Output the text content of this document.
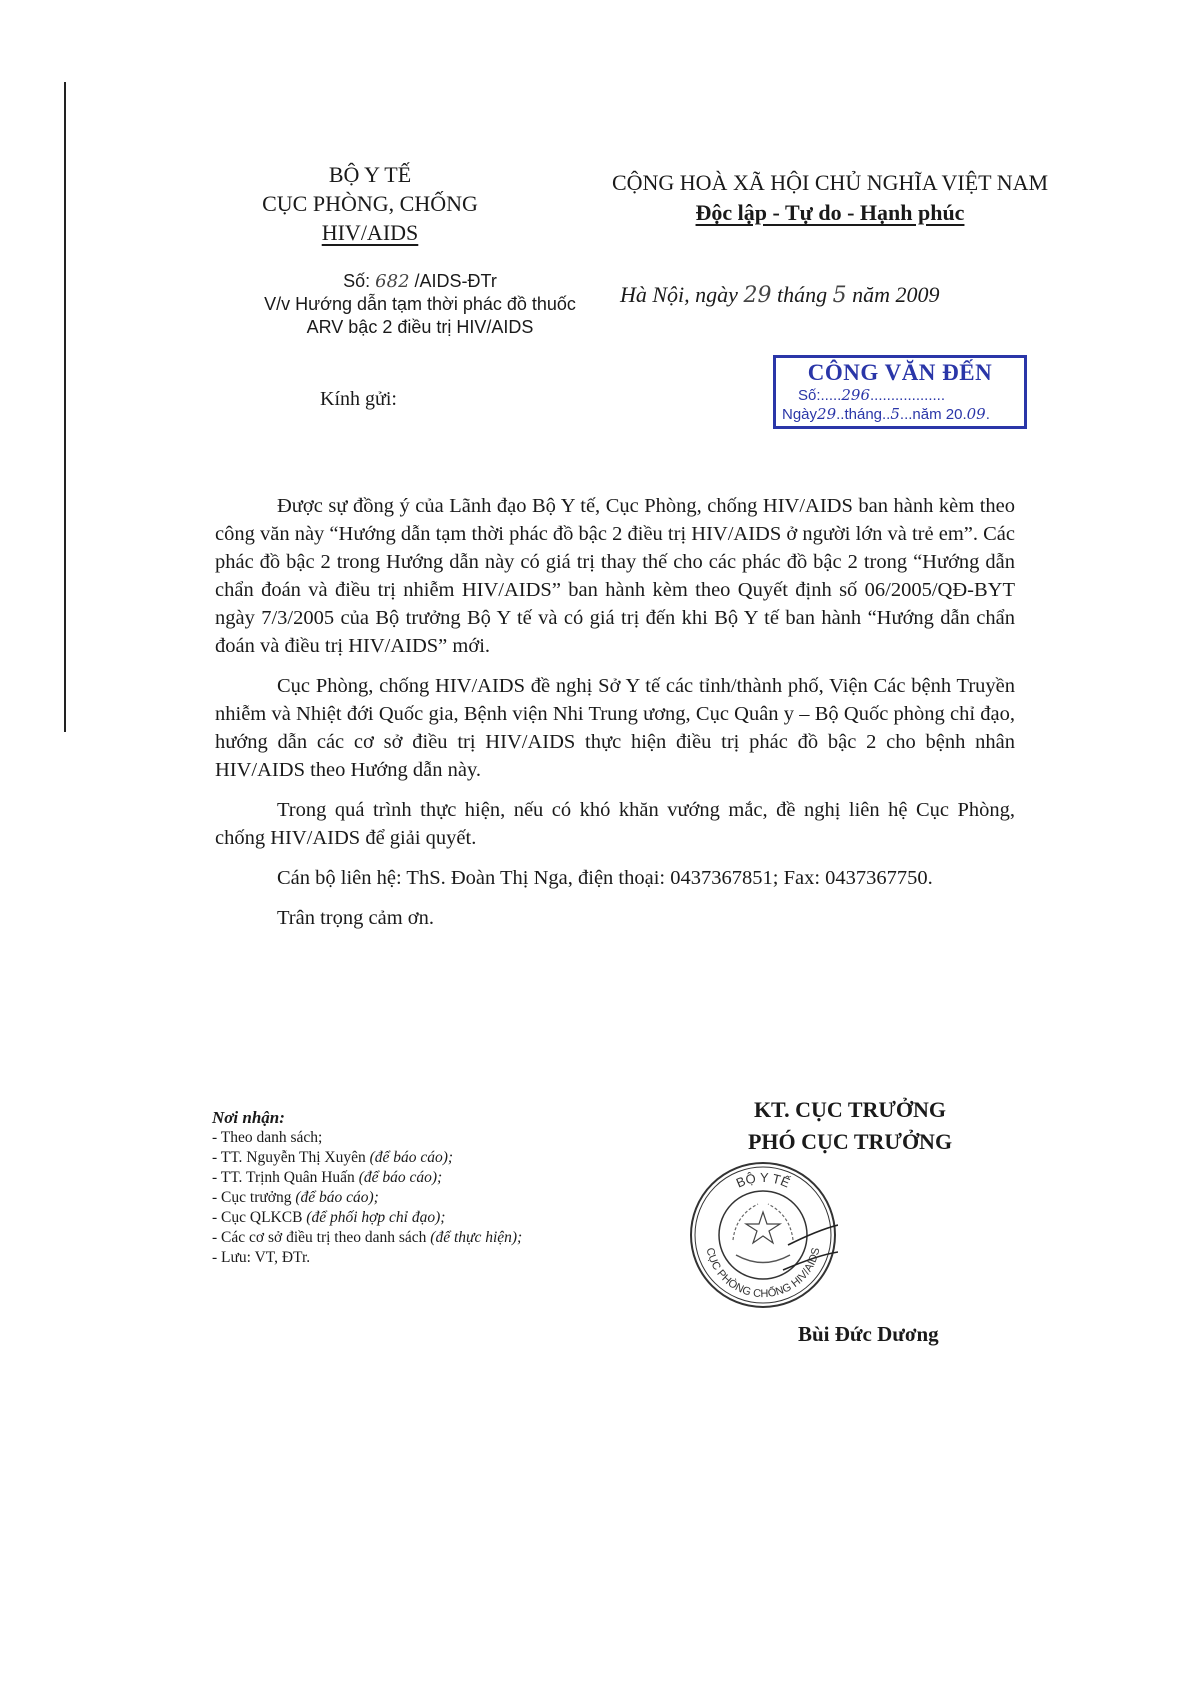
BỘ Y TẾ
CỤC PHÒNG, CHỐNG
HIV/AIDS
CỘNG HOÀ XÃ HỘI CHỦ NGHĨA VIỆT NAM
Độc lập - Tự do - Hạnh phúc
Số: 682 /AIDS-ĐTr
V/v Hướng dẫn tạm thời phác đồ thuốc
ARV bậc 2 điều trị HIV/AIDS
Hà Nội, ngày 29 tháng 5 năm 2009
CÔNG VĂN ĐẾN
Số:.....296..................
Ngày29..tháng..5...năm 20.09.
Kính gửi:

Được sự đồng ý của Lãnh đạo Bộ Y tế, Cục Phòng, chống HIV/AIDS ban hành kèm theo công văn này “Hướng dẫn tạm thời phác đồ bậc 2 điều trị HIV/AIDS ở người lớn và trẻ em”. Các phác đồ bậc 2 trong Hướng dẫn này có giá trị thay thế cho các phác đồ bậc 2 trong “Hướng dẫn chẩn đoán và điều trị nhiễm HIV/AIDS” ban hành kèm theo Quyết định số 06/2005/QĐ-BYT ngày 7/3/2005 của Bộ trưởng Bộ Y tế và có giá trị đến khi Bộ Y tế ban hành “Hướng dẫn chẩn đoán và điều trị HIV/AIDS” mới.

Cục Phòng, chống HIV/AIDS đề nghị Sở Y tế các tỉnh/thành phố, Viện Các bệnh Truyền nhiễm và Nhiệt đới Quốc gia, Bệnh viện Nhi Trung ương, Cục Quân y – Bộ Quốc phòng chỉ đạo, hướng dẫn các cơ sở điều trị HIV/AIDS thực hiện điều trị phác đồ bậc 2 cho bệnh nhân HIV/AIDS theo Hướng dẫn này.

Trong quá trình thực hiện, nếu có khó khăn vướng mắc, đề nghị liên hệ Cục Phòng, chống HIV/AIDS để giải quyết.

Cán bộ liên hệ: ThS. Đoàn Thị Nga, điện thoại: 0437367851; Fax: 0437367750.

Trân trọng cảm ơn.

Nơi nhận:
- Theo danh sách;
- TT. Nguyễn Thị Xuyên (để báo cáo);
- TT. Trịnh Quân Huấn (để báo cáo);
- Cục trưởng (để báo cáo);
- Cục QLKCB (để phối hợp chỉ đạo);
- Các cơ sở điều trị theo danh sách (để thực hiện);
- Lưu: VT, ĐTr.
KT. CỤC TRƯỞNG
PHÓ CỤC TRƯỞNG
BỘ Y TẾ
CỤC PHÒNG CHỐNG HIV/AIDS
Bùi Đức Dương
